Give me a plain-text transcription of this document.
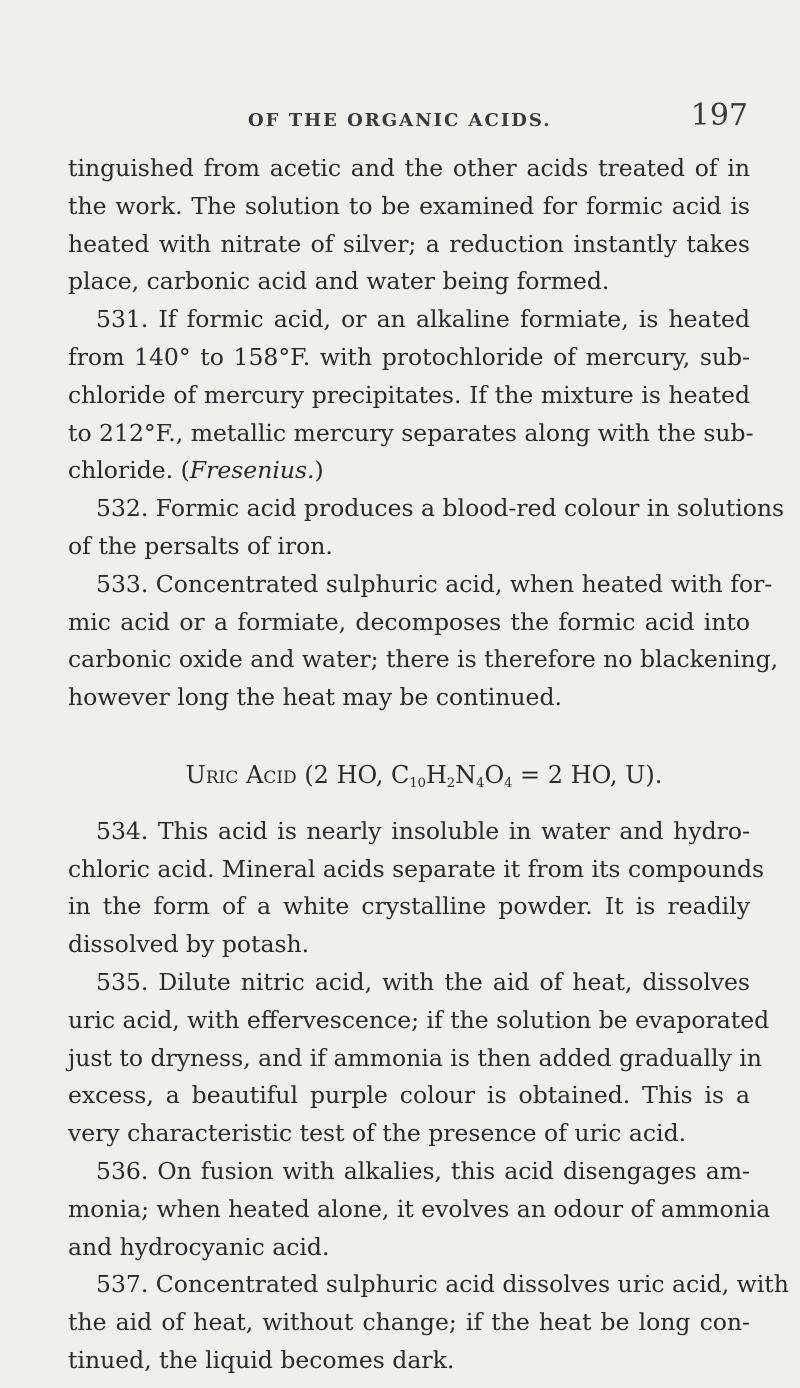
OF THE ORGANIC ACIDS.	197
tinguished from acetic and the other acids treated of in
the work. The solution to be examined for formic acid is
heated with nitrate of silver; a reduction instantly takes
place, carbonic acid and water being formed.
531. If formic acid, or an alkaline formiate, is heated
from 140° to 158°F. with protochloride of mercury, sub-
chloride of mercury precipitates. If the mixture is heated
to 212°F., metallic mercury separates along with the sub-
chloride. (Fresenius.)
532. Formic acid produces a blood-red colour in solutions
of the persalts of iron.
533. Concentrated sulphuric acid, when heated with for-
mic acid or a formiate, decomposes the formic acid into
carbonic oxide and water; there is therefore no blackening,
however long the heat may be continued.
Uric Acid (2 HO, $C_{10}H_2N_4O_4 = 2$ HO, U).
534. This acid is nearly insoluble in water and hydro-
chloric acid. Mineral acids separate it from its compounds
in the form of a white crystalline powder. It is readily
dissolved by potash.
535. Dilute nitric acid, with the aid of heat, dissolves
uric acid, with effervescence; if the solution be evaporated
just to dryness, and if ammonia is then added gradually in
excess, a beautiful purple colour is obtained. This is a
very characteristic test of the presence of uric acid.
536. On fusion with alkalies, this acid disengages am-
monia; when heated alone, it evolves an odour of ammonia
and hydrocyanic acid.
537. Concentrated sulphuric acid dissolves uric acid, with
the aid of heat, without change; if the heat be long con-
tinued, the liquid becomes dark.
